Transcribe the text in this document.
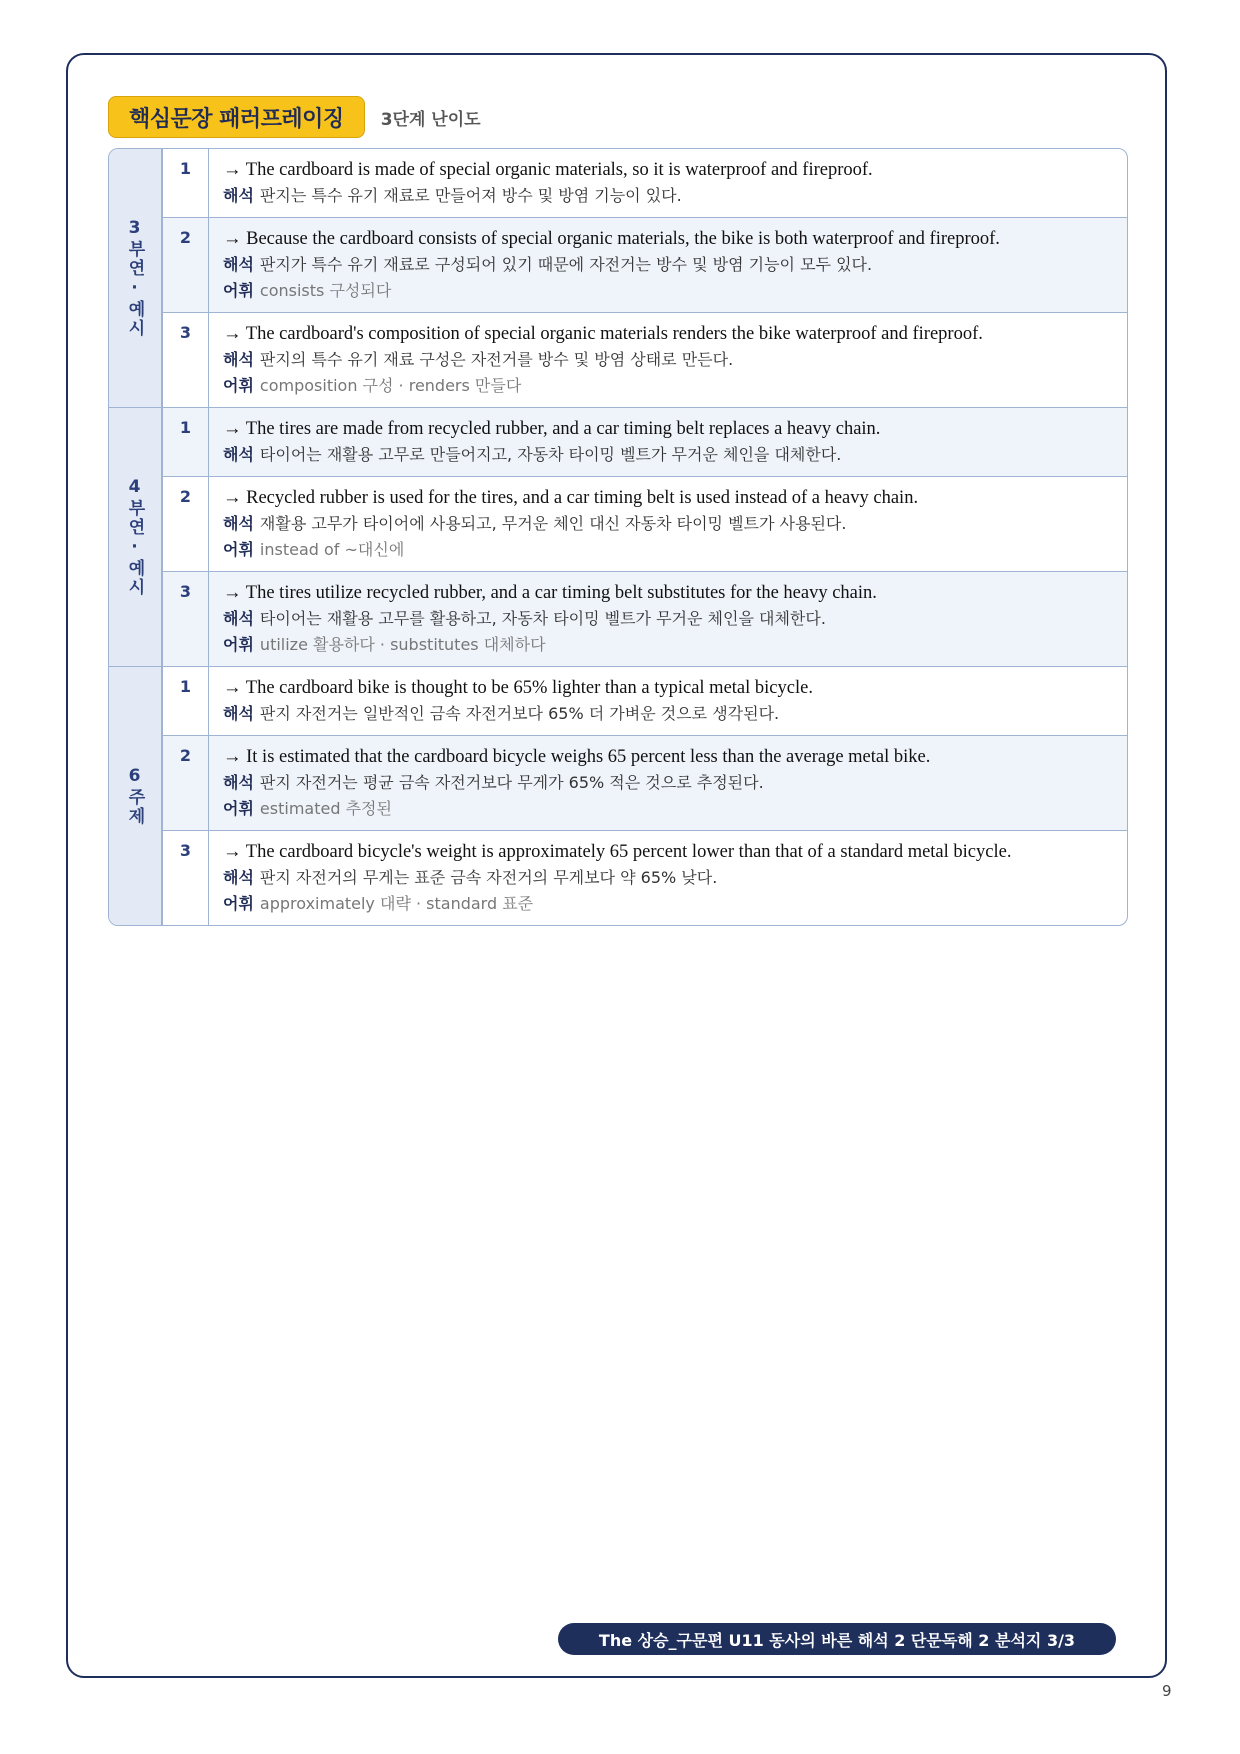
핵심문장 패러프레이징	3단계 난이도
3부연·예시
1	→ The cardboard is made of special organic materials, so it is waterproof and fireproof.
해석 판지는 특수 유기 재료로 만들어져 방수 및 방염 기능이 있다.
2	→ Because the cardboard consists of special organic materials, the bike is both waterproof and fireproof.
해석 판지가 특수 유기 재료로 구성되어 있기 때문에 자전거는 방수 및 방염 기능이 모두 있다.
어휘 consists 구성되다
3	→ The cardboard's composition of special organic materials renders the bike waterproof and fireproof.
해석 판지의 특수 유기 재료 구성은 자전거를 방수 및 방염 상태로 만든다.
어휘 composition 구성 · renders 만들다
4부연·예시
1	→ The tires are made from recycled rubber, and a car timing belt replaces a heavy chain.
해석 타이어는 재활용 고무로 만들어지고, 자동차 타이밍 벨트가 무거운 체인을 대체한다.
2	→ Recycled rubber is used for the tires, and a car timing belt is used instead of a heavy chain.
해석 재활용 고무가 타이어에 사용되고, 무거운 체인 대신 자동차 타이밍 벨트가 사용된다.
어휘 instead of ~대신에
3	→ The tires utilize recycled rubber, and a car timing belt substitutes for the heavy chain.
해석 타이어는 재활용 고무를 활용하고, 자동차 타이밍 벨트가 무거운 체인을 대체한다.
어휘 utilize 활용하다 · substitutes 대체하다
6주제
1	→ The cardboard bike is thought to be 65% lighter than a typical metal bicycle.
해석 판지 자전거는 일반적인 금속 자전거보다 65% 더 가벼운 것으로 생각된다.
2	→ It is estimated that the cardboard bicycle weighs 65 percent less than the average metal bike.
해석 판지 자전거는 평균 금속 자전거보다 무게가 65% 적은 것으로 추정된다.
어휘 estimated 추정된
3	→ The cardboard bicycle's weight is approximately 65 percent lower than that of a standard metal bicycle.
해석 판지 자전거의 무게는 표준 금속 자전거의 무게보다 약 65% 낮다.
어휘 approximately 대략 · standard 표준
The 상승_구문편 U11 동사의 바른 해석 2 단문독해 2 분석지 3/3
9
